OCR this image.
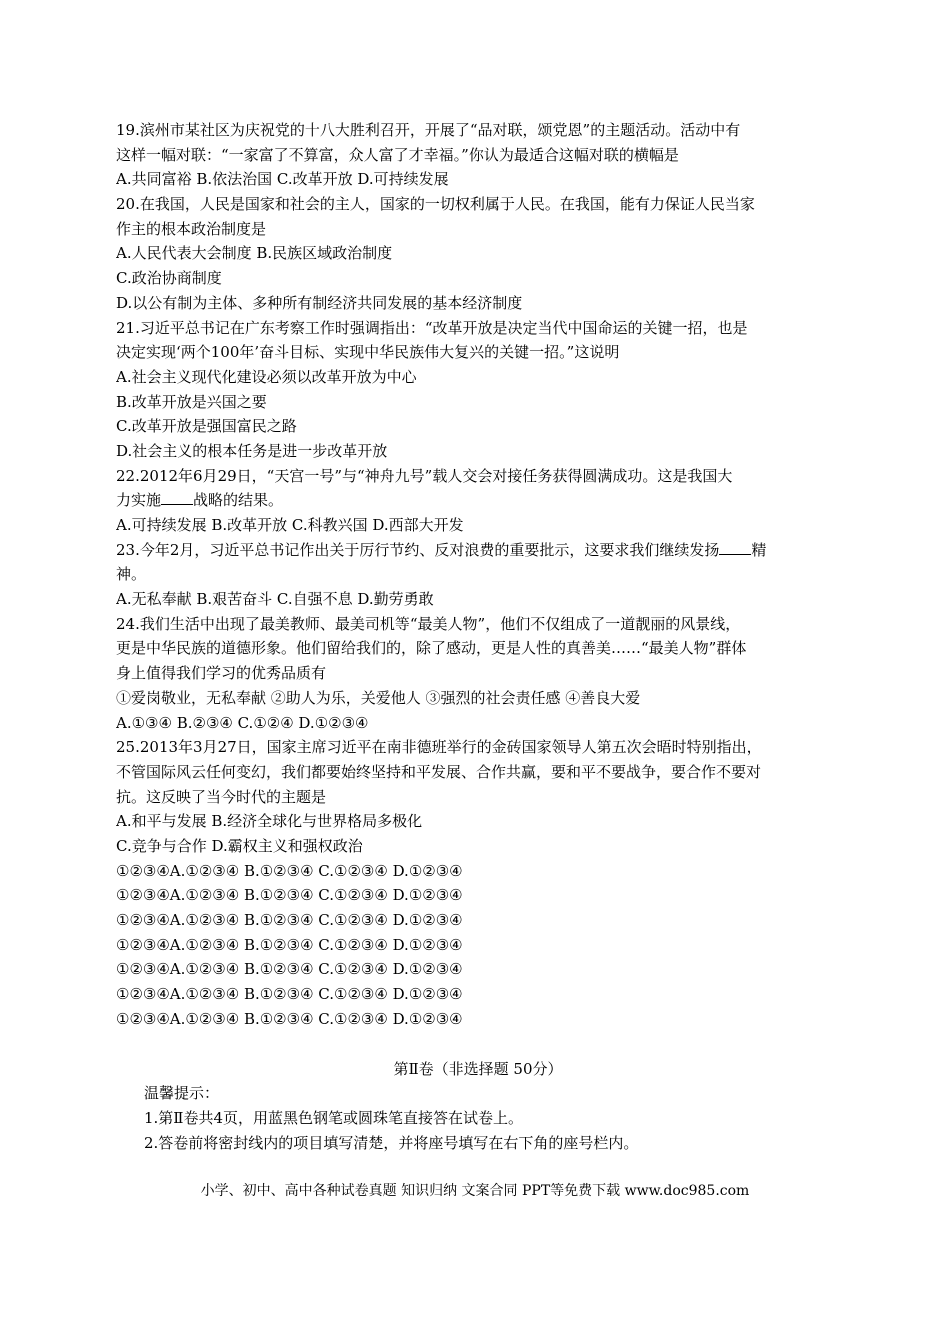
19.滨州市某社区为庆祝党的十八大胜利召开，开展了“品对联，颂党恩”的主题活动。活动中有
这样一幅对联：“一家富了不算富，众人富了才幸福。”你认为最适合这幅对联的横幅是
A.共同富裕 B.依法治国 C.改革开放 D.可持续发展
20.在我国，人民是国家和社会的主人，国家的一切权利属于人民。在我国，能有力保证人民当家
作主的根本政治制度是
A.人民代表大会制度 B.民族区域政治制度
C.政治协商制度
D.以公有制为主体、多种所有制经济共同发展的基本经济制度
21.习近平总书记在广东考察工作时强调指出：“改革开放是决定当代中国命运的关键一招，也是
决定实现‘两个100年’奋斗目标、实现中华民族伟大复兴的关键一招。”这说明
A.社会主义现代化建设必须以改革开放为中心
B.改革开放是兴国之要
C.改革开放是强国富民之路
D.社会主义的根本任务是进一步改革开放
22.2012年6月29日，“天宫一号”与“神舟九号”载人交会对接任务获得圆满成功。这是我国大
力实施 战略的结果。
A.可持续发展 B.改革开放 C.科教兴国 D.西部大开发
23.今年2月，习近平总书记作出关于厉行节约、反对浪费的重要批示，这要求我们继续发扬 精
神。
A.无私奉献 B.艰苦奋斗 C.自强不息 D.勤劳勇敢
24.我们生活中出现了最美教师、最美司机等“最美人物”，他们不仅组成了一道靓丽的风景线，
更是中华民族的道德形象。他们留给我们的，除了感动，更是人性的真善美……“最美人物”群体
身上值得我们学习的优秀品质有
①爱岗敬业，无私奉献 ②助人为乐，关爱他人 ③强烈的社会责任感 ④善良大爱
A.①③④ B.②③④ C.①②④ D.①②③④
25.2013年3月27日，国家主席习近平在南非德班举行的金砖国家领导人第五次会晤时特别指出，
不管国际风云任何变幻，我们都要始终坚持和平发展、合作共赢，要和平不要战争，要合作不要对
抗。这反映了当今时代的主题是
A.和平与发展 B.经济全球化与世界格局多极化
C.竞争与合作 D.霸权主义和强权政治
①②③④A.①②③④ B.①②③④ C.①②③④ D.①②③④
①②③④A.①②③④ B.①②③④ C.①②③④ D.①②③④
①②③④A.①②③④ B.①②③④ C.①②③④ D.①②③④
①②③④A.①②③④ B.①②③④ C.①②③④ D.①②③④
①②③④A.①②③④ B.①②③④ C.①②③④ D.①②③④
①②③④A.①②③④ B.①②③④ C.①②③④ D.①②③④
①②③④A.①②③④ B.①②③④ C.①②③④ D.①②③④
第Ⅱ卷（非选择题 50分）
温馨提示：
1.第Ⅱ卷共4页，用蓝黑色钢笔或圆珠笔直接答在试卷上。
2.答卷前将密封线内的项目填写清楚，并将座号填写在右下角的座号栏内。
小学、初中、高中各种试卷真题 知识归纳 文案合同 PPT等免费下载 www.doc985.com
